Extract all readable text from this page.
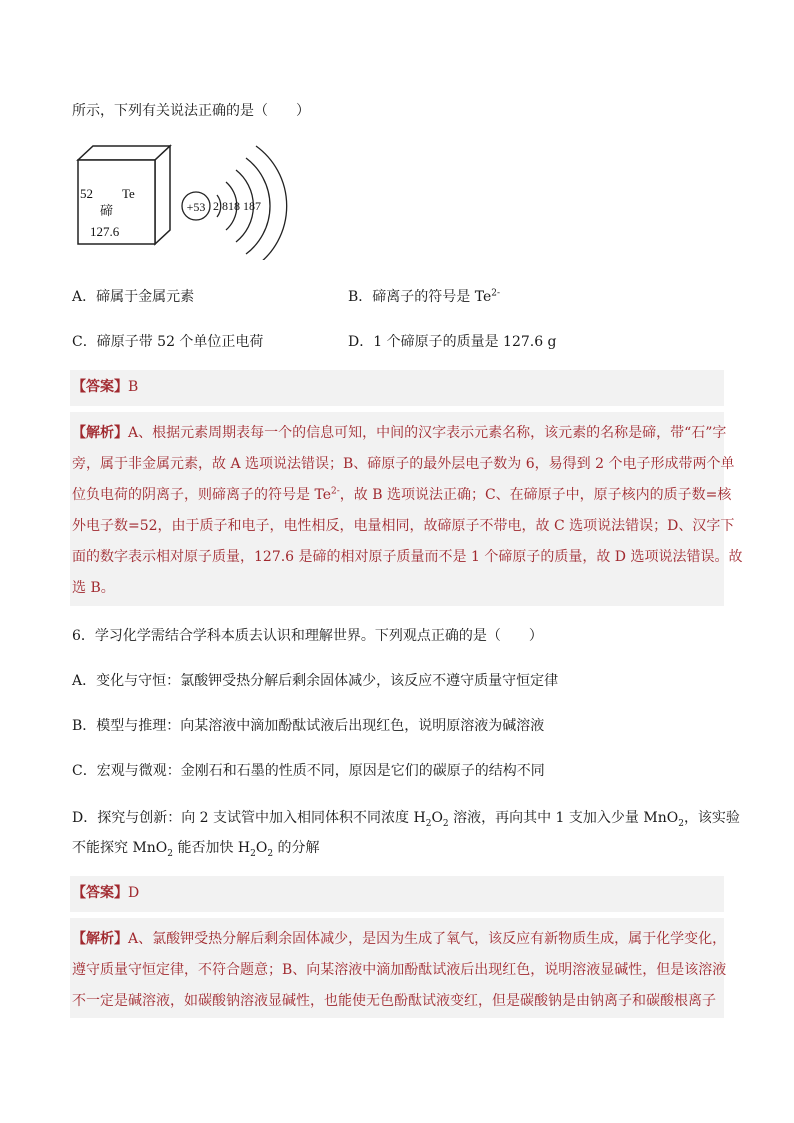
所示，下列有关说法正确的是（　　）
52 Te
碲
127.6
+53 2 818 187
A．碲属于金属元素	B．碲离子的符号是 $Te^{2-}$
C．碲原子带 52 个单位正电荷	D．1 个碲原子的质量是 127.6 g
【答案】B
【解析】A、根据元素周期表每一个的信息可知，中间的汉字表示元素名称，该元素的名称是碲，带“石”字
旁，属于非金属元素，故 A 选项说法错误；B、碲原子的最外层电子数为 6，易得到 2 个电子形成带两个单
位负电荷的阴离子，则碲离子的符号是 $Te^{2-}$，故 B 选项说法正确；C、在碲原子中，原子核内的质子数=核
外电子数=52，由于质子和电子，电性相反，电量相同，故碲原子不带电，故 C 选项说法错误；D、汉字下
面的数字表示相对原子质量，127.6 是碲的相对原子质量而不是 1 个碲原子的质量，故 D 选项说法错误。故
选 B。
6．学习化学需结合学科本质去认识和理解世界。下列观点正确的是（　　）
A．变化与守恒：氯酸钾受热分解后剩余固体减少，该反应不遵守质量守恒定律
B．模型与推理：向某溶液中滴加酚酞试液后出现红色，说明原溶液为碱溶液
C．宏观与微观：金刚石和石墨的性质不同，原因是它们的碳原子的结构不同
D．探究与创新：向 2 支试管中加入相同体积不同浓度 $H_2O_2$ 溶液，再向其中 1 支加入少量 MnO$_2$，该实验
不能探究 MnO$_2$ 能否加快 $H_2O_2$ 的分解
【答案】D
【解析】A、氯酸钾受热分解后剩余固体减少，是因为生成了氧气，该反应有新物质生成，属于化学变化，
遵守质量守恒定律，不符合题意；B、向某溶液中滴加酚酞试液后出现红色，说明溶液显碱性，但是该溶液
不一定是碱溶液，如碳酸钠溶液显碱性，也能使无色酚酞试液变红，但是碳酸钠是由钠离子和碳酸根离子
